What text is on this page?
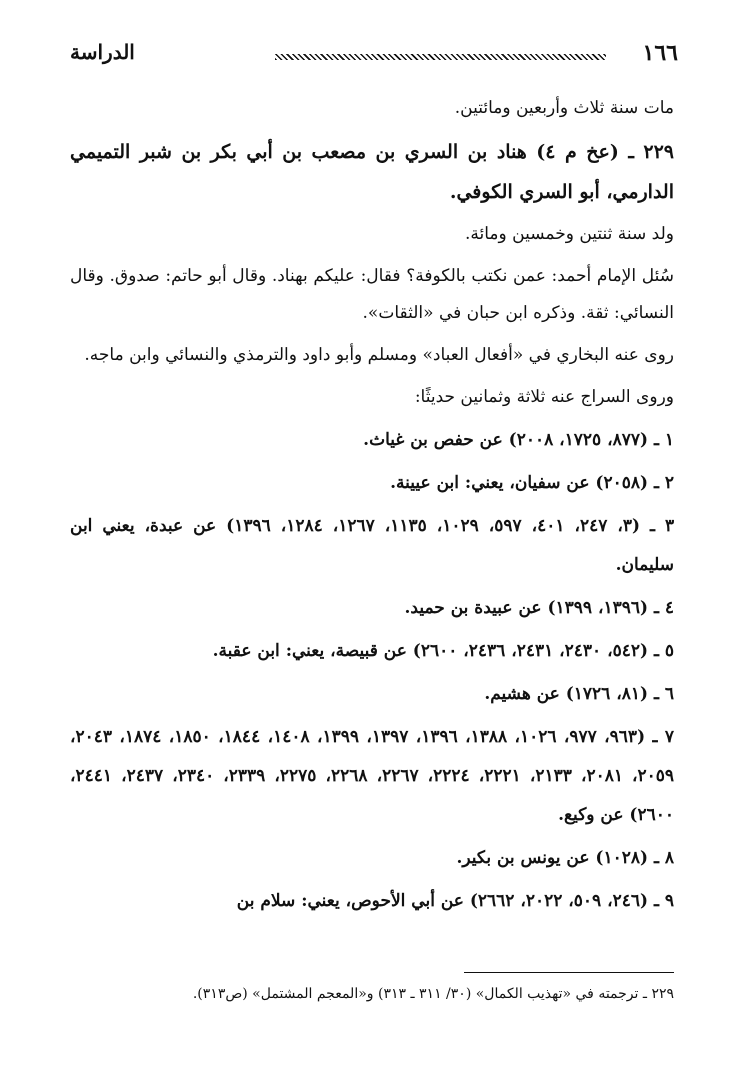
الدراسة	١٦٦

مات سنة ثلاث وأربعين ومائتين.

٢٢٩ ـ (عخ م ٤) هناد بن السري بن مصعب بن أبي بكر بن شبر التميمي الدارمي، أبو السري الكوفي.

ولد سنة ثنتين وخمسين ومائة.

سُئل الإمام أحمد: عمن نكتب بالكوفة؟ فقال: عليكم بهناد. وقال أبو حاتم: صدوق. وقال النسائي: ثقة. وذكره ابن حبان في «الثقات».

روى عنه البخاري في «أفعال العباد» ومسلم وأبو داود والترمذي والنسائي وابن ماجه.

وروى السراج عنه ثلاثة وثمانين حديثًا:

١ ـ (٨٧٧، ١٧٢٥، ٢٠٠٨) عن حفص بن غياث.

٢ ـ (٢٠٥٨) عن سفيان، يعني: ابن عيينة.

٣ ـ (٣، ٢٤٧، ٤٠١، ٥٩٧، ١٠٢٩، ١١٣٥، ١٢٦٧، ١٢٨٤، ١٣٩٦) عن عبدة، يعني ابن سليمان.

٤ ـ (١٣٩٦، ١٣٩٩) عن عبيدة بن حميد.

٥ ـ (٥٤٢، ٢٤٣٠، ٢٤٣١، ٢٤٣٦، ٢٦٠٠) عن قبيصة، يعني: ابن عقبة.

٦ ـ (٨١، ١٧٢٦) عن هشيم.

٧ ـ (٩٦٣، ٩٧٧، ١٠٢٦، ١٣٨٨، ١٣٩٦، ١٣٩٧، ١٣٩٩، ١٤٠٨، ١٨٤٤، ١٨٥٠، ١٨٧٤، ٢٠٤٣، ٢٠٥٩، ٢٠٨١، ٢١٣٣، ٢٢٢١، ٢٢٢٤، ٢٢٦٧، ٢٢٦٨، ٢٢٧٥، ٢٣٣٩، ٢٣٤٠، ٢٤٣٧، ٢٤٤١، ٢٦٠٠) عن وكيع.

٨ ـ (١٠٢٨) عن يونس بن بكير.

٩ ـ (٢٤٦، ٥٠٩، ٢٠٢٢، ٢٦٦٢) عن أبي الأحوص، يعني: سلام بن

٢٢٩ ـ ترجمته في «تهذيب الكمال» (٣٠/ ٣١١ ـ ٣١٣) و«المعجم المشتمل» (ص٣١٣).
